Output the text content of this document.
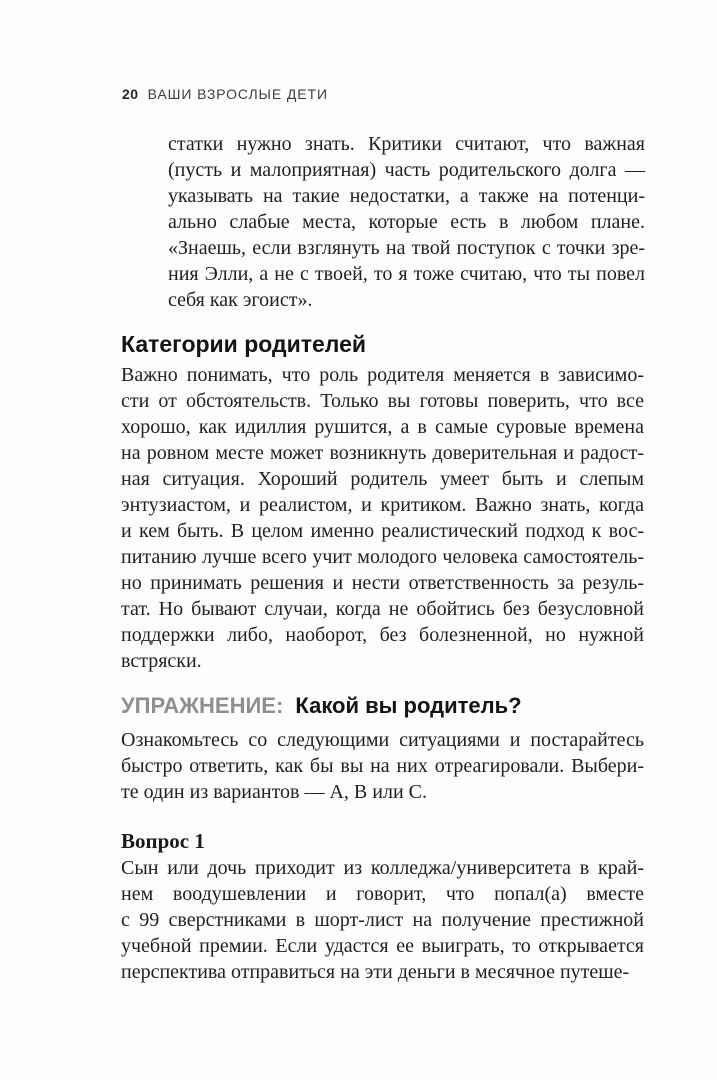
20 ВАШИ ВЗРОСЛЫЕ ДЕТИ
статки нужно знать. Критики считают, что важная
(пусть и малоприятная) часть родительского долга —
указывать на такие недостатки, а также на потенци-
ально слабые места, которые есть в любом плане.
«Знаешь, если взглянуть на твой поступок с точки зре-
ния Элли, а не с твоей, то я тоже считаю, что ты повел
себя как эгоист».
Категории родителей
Важно понимать, что роль родителя меняется в зависимо-
сти от обстоятельств. Только вы готовы поверить, что все
хорошо, как идиллия рушится, а в самые суровые времена
на ровном месте может возникнуть доверительная и радост-
ная ситуация. Хороший родитель умеет быть и слепым
энтузиастом, и реалистом, и критиком. Важно знать, когда
и кем быть. В целом именно реалистический подход к вос-
питанию лучше всего учит молодого человека самостоятель-
но принимать решения и нести ответственность за резуль-
тат. Но бывают случаи, когда не обойтись без безусловной
поддержки либо, наоборот, без болезненной, но нужной
встряски.
УПРАЖНЕНИЕ: Какой вы родитель?
Ознакомьтесь со следующими ситуациями и постарайтесь
быстро ответить, как бы вы на них отреагировали. Выбери-
те один из вариантов — A, B или C.
Вопрос 1
Сын или дочь приходит из колледжа/университета в край-
нем воодушевлении и говорит, что попал(а) вместе
с 99 сверстниками в шорт-лист на получение престижной
учебной премии. Если удастся ее выиграть, то открывается
перспектива отправиться на эти деньги в месячное путеше-
